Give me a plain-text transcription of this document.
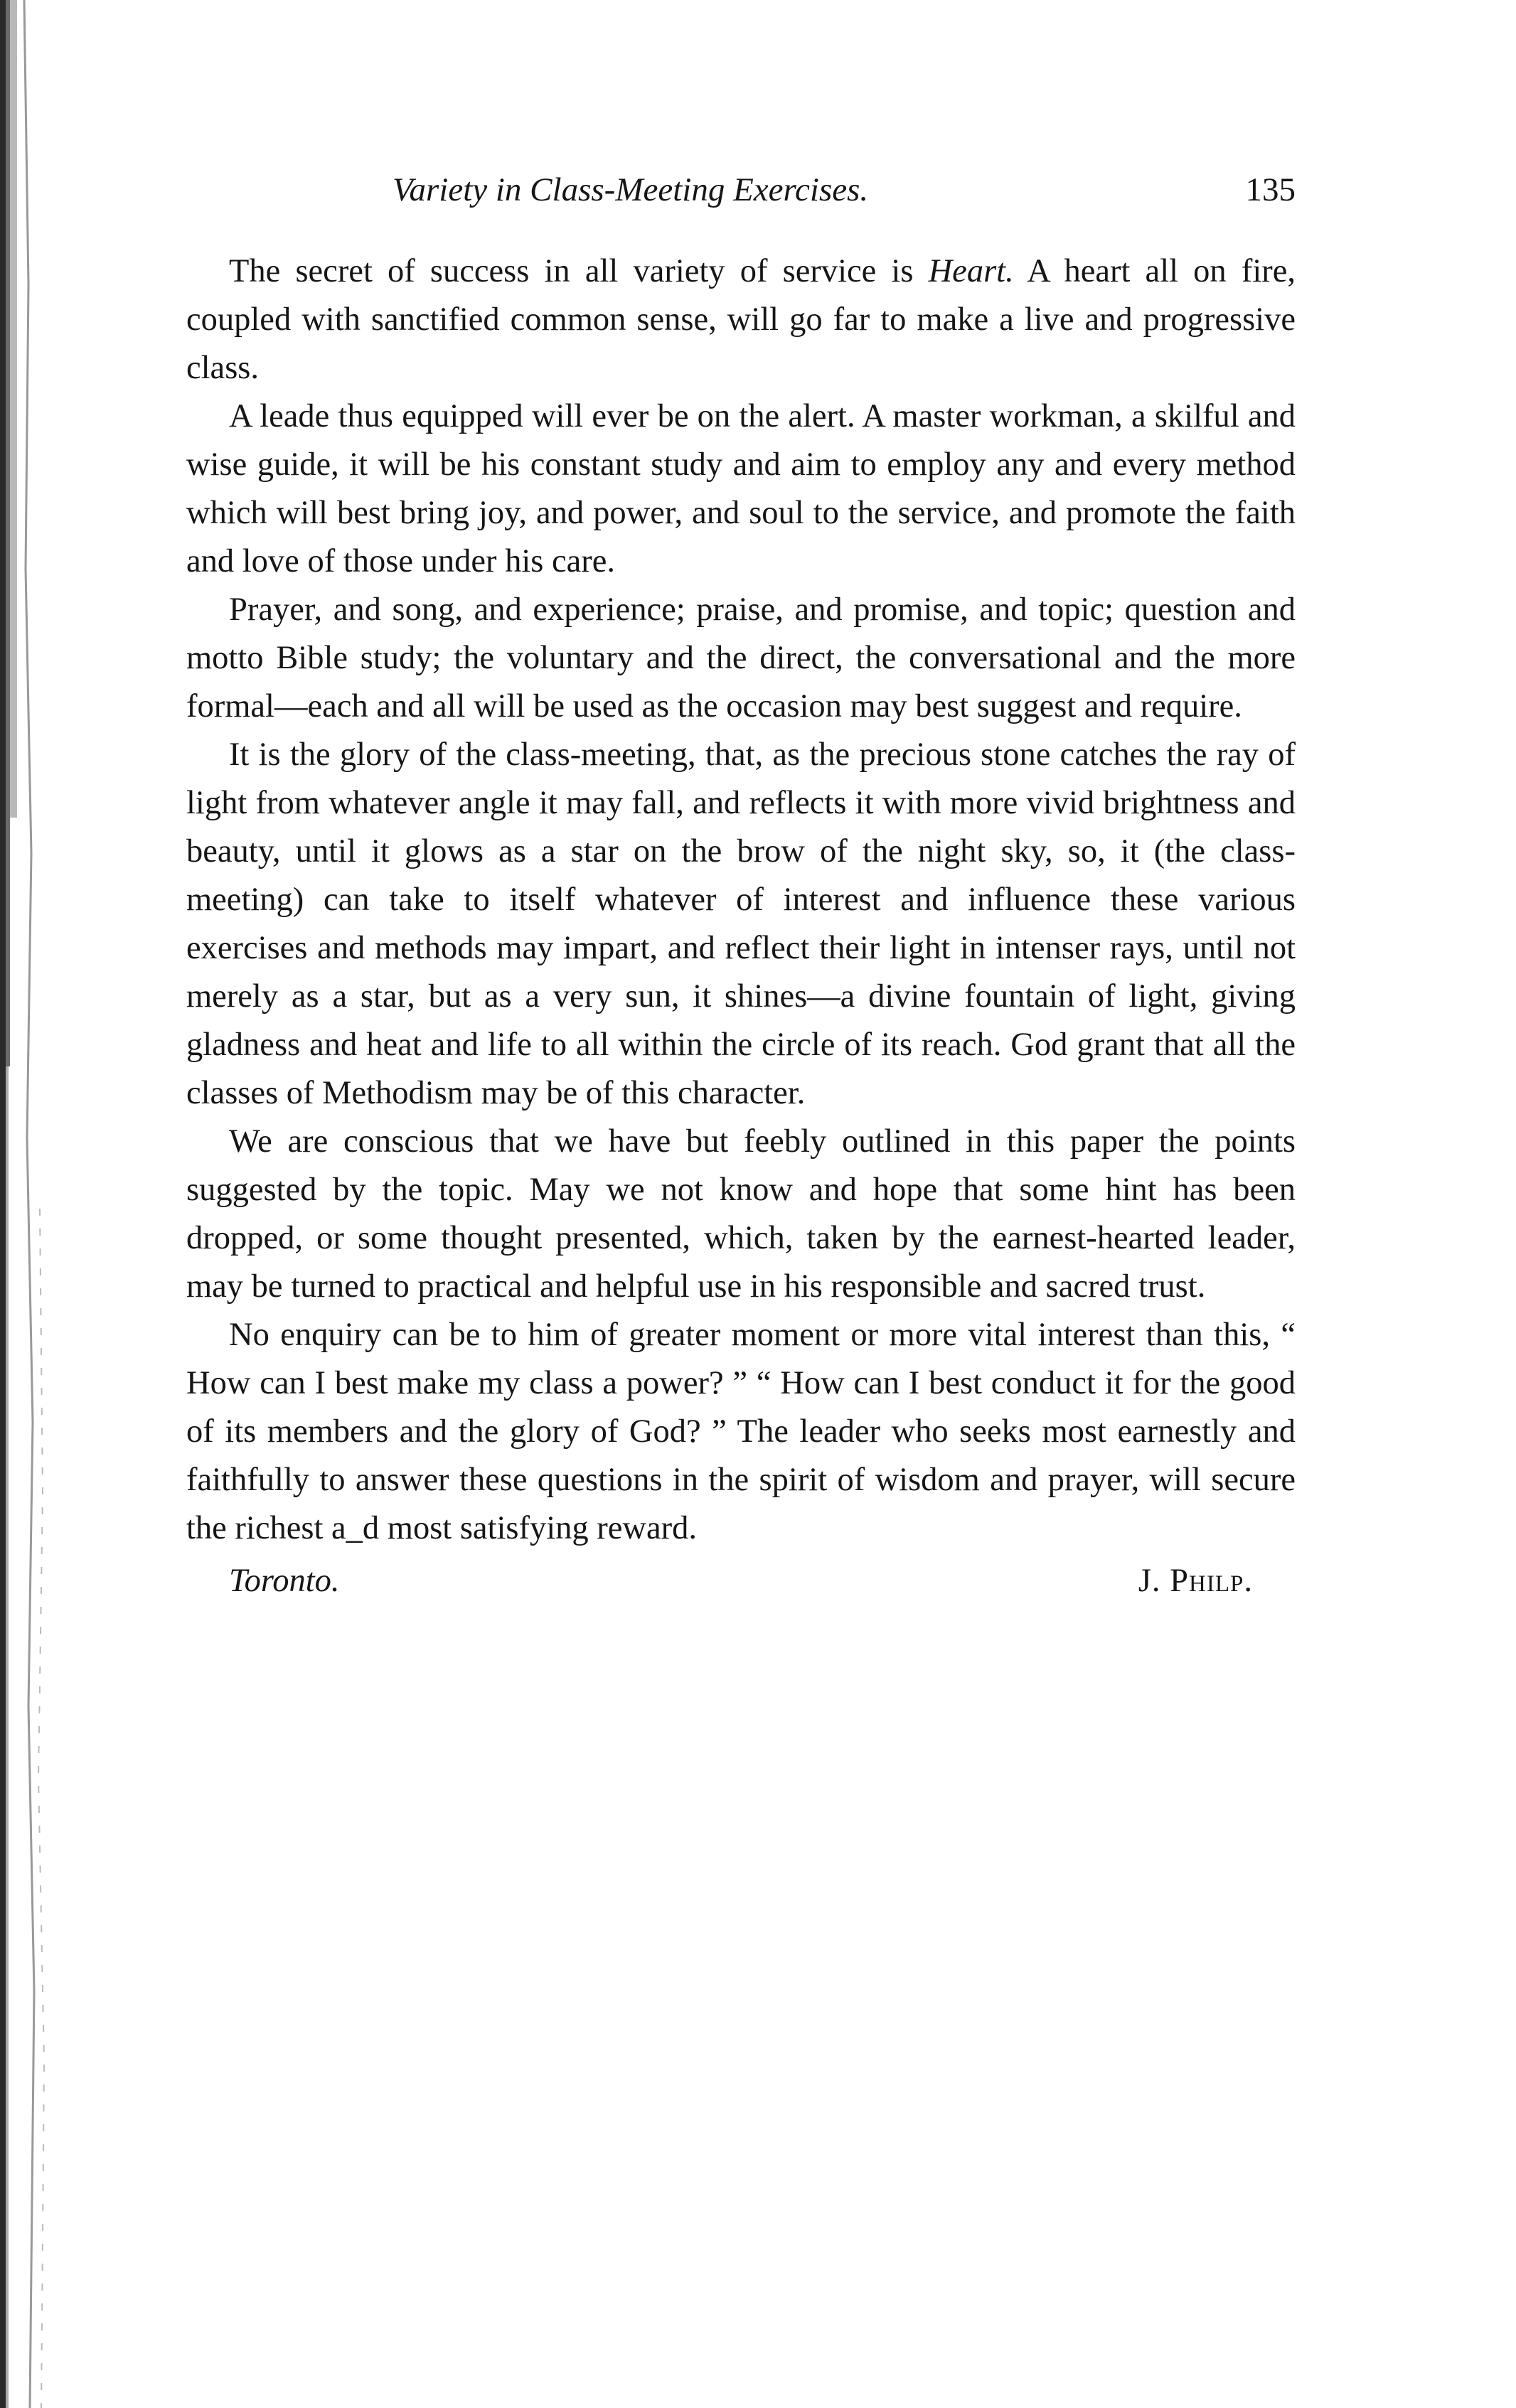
Variety in Class-Meeting Exercises.	135

The secret of success in all variety of service is Heart. A heart all on fire, coupled with sanctified common sense, will go far to make a live and progressive class.

A leade thus equipped will ever be on the alert. A master workman, a skilful and wise guide, it will be his constant study and aim to employ any and every method which will best bring joy, and power, and soul to the service, and promote the faith and love of those under his care.

Prayer, and song, and experience; praise, and promise, and topic; question and motto Bible study; the voluntary and the direct, the conversational and the more formal—each and all will be used as the occasion may best suggest and require.

It is the glory of the class-meeting, that, as the precious stone catches the ray of light from whatever angle it may fall, and reflects it with more vivid brightness and beauty, until it glows as a star on the brow of the night sky, so, it (the class-meeting) can take to itself whatever of interest and influence these various exercises and methods may impart, and reflect their light in intenser rays, until not merely as a star, but as a very sun, it shines—a divine fountain of light, giving gladness and heat and life to all within the circle of its reach. God grant that all the classes of Methodism may be of this character.

We are conscious that we have but feebly outlined in this paper the points suggested by the topic. May we not know and hope that some hint has been dropped, or some thought presented, which, taken by the earnest-hearted leader, may be turned to practical and helpful use in his responsible and sacred trust.

No enquiry can be to him of greater moment or more vital interest than this, “ How can I best make my class a power? ” “ How can I best conduct it for the good of its members and the glory of God? ” The leader who seeks most earnestly and faithfully to answer these questions in the spirit of wisdom and prayer, will secure the richest a_d most satisfying reward.

Toronto.	J. Philp.
